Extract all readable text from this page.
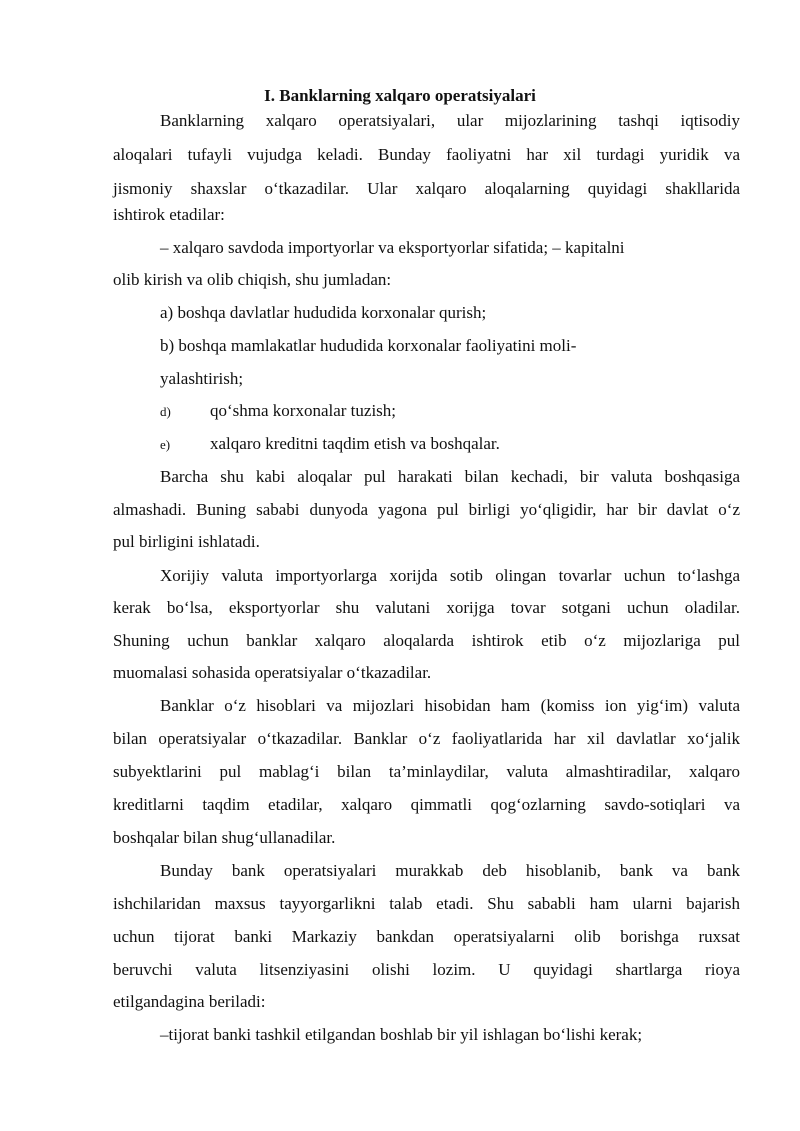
I. Banklarning xalqaro operatsiyalari
Banklarning xalqaro operatsiyalari, ular mijozlarining tashqi iqtisodiy
aloqalari tufayli vujudga keladi. Bunday faoliyatni har xil turdagi yuridik va
jismoniy shaxslar o‘tkazadilar. Ular xalqaro aloqalarning quyidagi shakllarida
ishtirok etadilar:
– xalqaro savdoda importyorlar va eksportyorlar sifatida; – kapitalni
olib kirish va olib chiqish, shu jumladan:
a) boshqa davlatlar hududida korxonalar qurish;
b) boshqa mamlakatlar hududida korxonalar faoliyatini moli-
yalashtirish;
d) qo‘shma korxonalar tuzish;
e) xalqaro kreditni taqdim etish va boshqalar.
Barcha shu kabi aloqalar pul harakati bilan kechadi, bir valuta boshqasiga
almashadi. Buning sababi dunyoda yagona pul birligi yo‘qligidir, har bir davlat o‘z
pul birligini ishlatadi.
Xorijiy valuta importyorlarga xorijda sotib olingan tovarlar uchun to‘lashga
kerak bo‘lsa, eksportyorlar shu valutani xorijga tovar sotgani uchun oladilar.
Shuning uchun banklar xalqaro aloqalarda ishtirok etib o‘z mijozlariga pul
muomalasi sohasida operatsiyalar o‘tkazadilar.
Banklar o‘z hisoblari va mijozlari hisobidan ham (komiss ion yig‘im) valuta
bilan operatsiyalar o‘tkazadilar. Banklar o‘z faoliyatlarida har xil davlatlar xo‘jalik
subyektlarini pul mablag‘i bilan ta’minlaydilar, valuta almashtiradilar, xalqaro
kreditlarni taqdim etadilar, xalqaro qimmatli qog‘ozlarning savdo-sotiqlari va
boshqalar bilan shug‘ullanadilar.
Bunday bank operatsiyalari murakkab deb hisoblanib, bank va bank
ishchilaridan maxsus tayyorgarlikni talab etadi. Shu sababli ham ularni bajarish
uchun tijorat banki Markaziy bankdan operatsiyalarni olib borishga ruxsat
beruvchi valuta litsenziyasini olishi lozim. U quyidagi shartlarga rioya
etilgandagina beriladi:
–tijorat banki tashkil etilgandan boshlab bir yil ishlagan bo‘lishi kerak;
